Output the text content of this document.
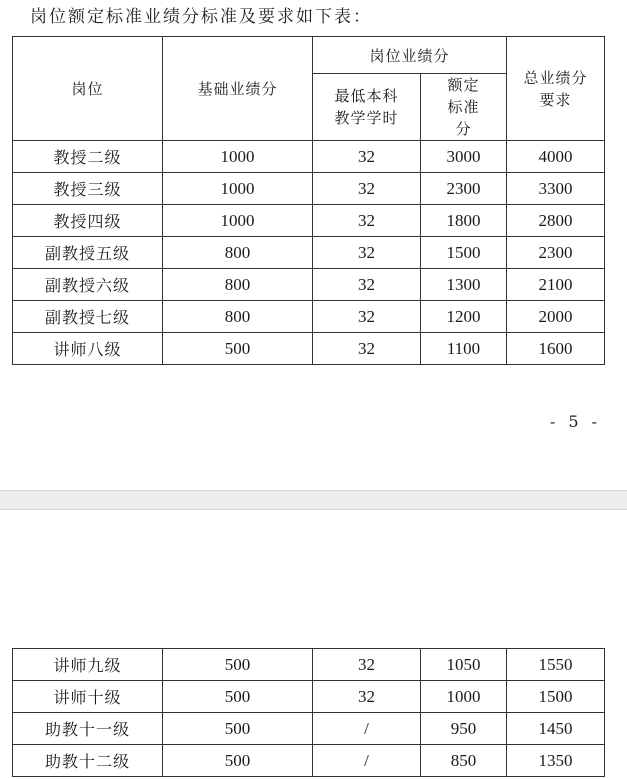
岗位额定标准业绩分标准及要求如下表：
岗位	基础业绩分	岗位业绩分		总业绩分要求
		最低本科教学学时	额定标准分	
教授二级	1000	32	3000	4000
教授三级	1000	32	2300	3300
教授四级	1000	32	1800	2800
副教授五级	800	32	1500	2300
副教授六级	800	32	1300	2100
副教授七级	800	32	1200	2000
讲师八级	500	32	1100	1600
- 5 -
讲师九级	500	32	1050	1550
讲师十级	500	32	1000	1500
助教十一级	500	/	950	1450
助教十二级	500	/	850	1350
